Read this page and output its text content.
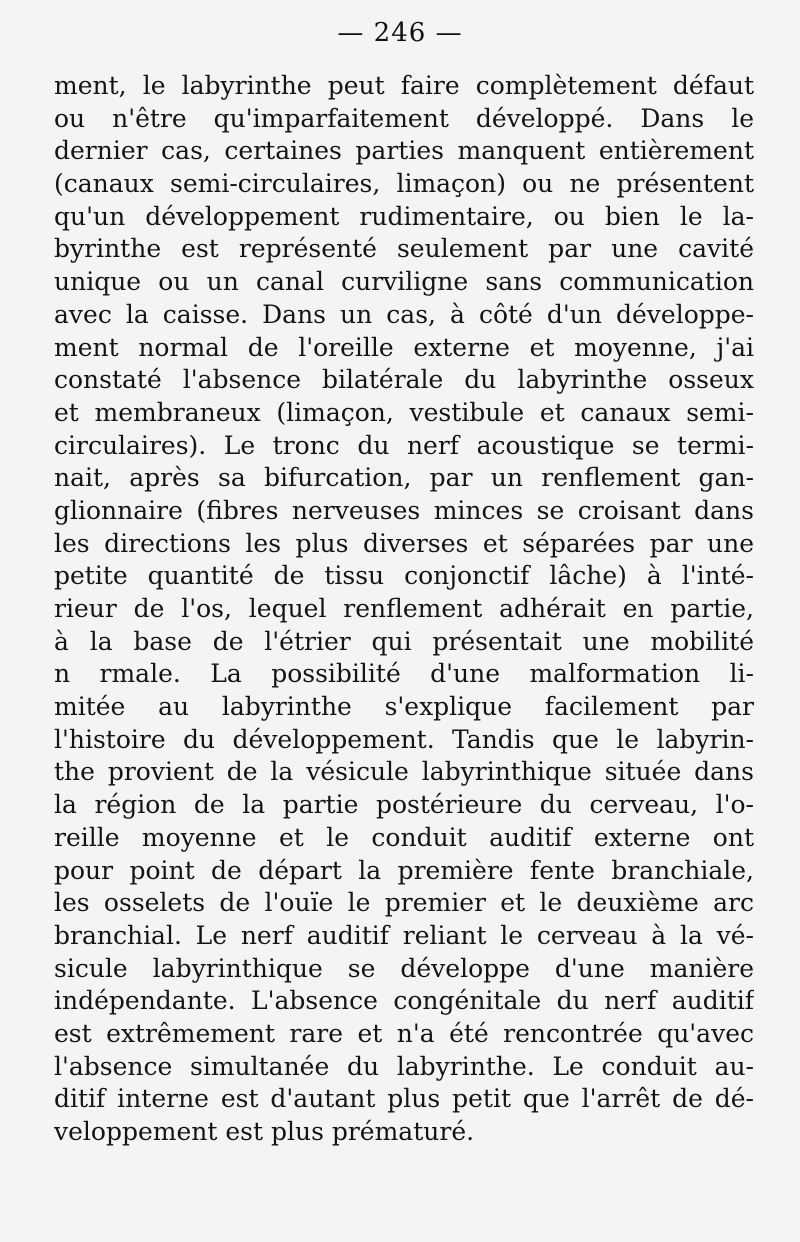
— 246 —
ment, le labyrinthe peut faire complètement défaut
ou n'être qu'imparfaitement développé. Dans le
dernier cas, certaines parties manquent entièrement
(canaux semi-circulaires, limaçon) ou ne présentent
qu'un développement rudimentaire, ou bien le la-
byrinthe est représenté seulement par une cavité
unique ou un canal curviligne sans communication
avec la caisse. Dans un cas, à côté d'un développe-
ment normal de l'oreille externe et moyenne, j'ai
constaté l'absence bilatérale du labyrinthe osseux
et membraneux (limaçon, vestibule et canaux semi-
circulaires). Le tronc du nerf acoustique se termi-
nait, après sa bifurcation, par un renflement gan-
glionnaire (fibres nerveuses minces se croisant dans
les directions les plus diverses et séparées par une
petite quantité de tissu conjonctif lâche) à l'inté-
rieur de l'os, lequel renflement adhérait en partie,
à la base de l'étrier qui présentait une mobilité
n rmale. La possibilité d'une malformation li-
mitée au labyrinthe s'explique facilement par
l'histoire du développement. Tandis que le labyrin-
the provient de la vésicule labyrinthique située dans
la région de la partie postérieure du cerveau, l'o-
reille moyenne et le conduit auditif externe ont
pour point de départ la première fente branchiale,
les osselets de l'ouïe le premier et le deuxième arc
branchial. Le nerf auditif reliant le cerveau à la vé-
sicule labyrinthique se développe d'une manière
indépendante. L'absence congénitale du nerf auditif
est extrêmement rare et n'a été rencontrée qu'avec
l'absence simultanée du labyrinthe. Le conduit au-
ditif interne est d'autant plus petit que l'arrêt de dé-
veloppement est plus prématuré.
